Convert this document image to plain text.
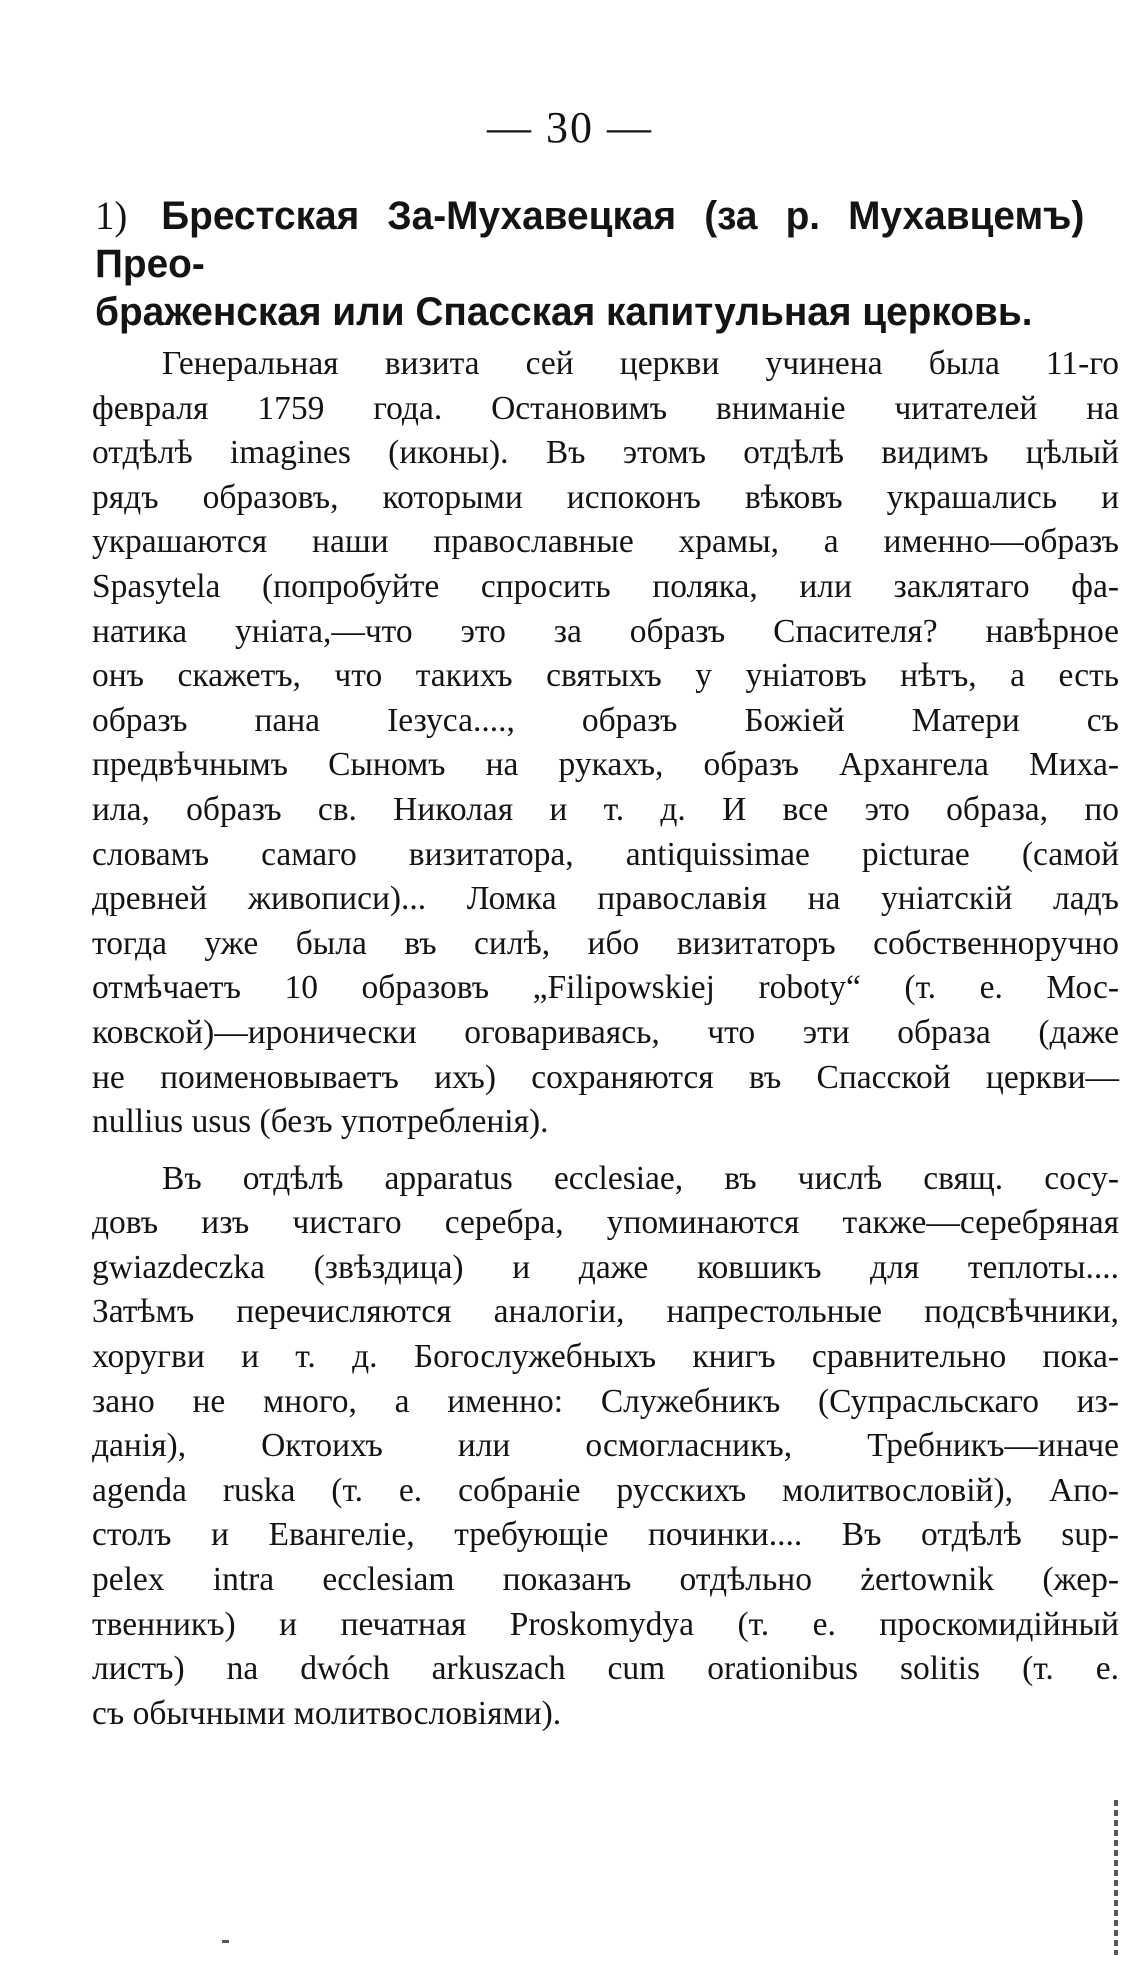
— 30 —
1) Брестская За-Мухавецкая (за р. Мухавцемъ) Прео-
браженская или Спасская капитульная церковь.
Генеральная визита сей церкви учинена была 11-го
февраля 1759 года. Остановимъ вниманіе читателей на
отдѣлѣ imagines (иконы). Въ этомъ отдѣлѣ видимъ цѣлый
рядъ образовъ, которыми испоконъ вѣковъ украшались и
украшаются наши православные храмы, а именно—образъ
Spasytela (попробуйте спросить поляка, или заклятаго фа-
натика уніата,—что это за образъ Спасителя? навѣрное
онъ скажетъ, что такихъ святыхъ у уніатовъ нѣтъ, а есть
образъ пана Iезуса...., образъ Божіей Матери съ
предвѣчнымъ Сыномъ на рукахъ, образъ Архангела Миха-
ила, образъ св. Николая и т. д. И все это образа, по
словамъ самаго визитатора, antiquissimae picturae (самой
древней живописи)... Ломка православія на уніатскій ладъ
тогда уже была въ силѣ, ибо визитаторъ собственноручно
отмѣчаетъ 10 образовъ „Filipowskiej roboty“ (т. е. Мос-
ковской)—иронически оговариваясь, что эти образа (даже
не поименовываетъ ихъ) сохраняются въ Спасской церкви—
nullius usus (безъ употребленія).
Въ отдѣлѣ apparatus ecclesiae, въ числѣ свящ. сосу-
довъ изъ чистаго серебра, упоминаются также—серебряная
gwiazdeczka (звѣздица) и даже ковшикъ для теплоты....
Затѣмъ перечисляются аналогіи, напрестольные подсвѣчники,
хоругви и т. д. Богослужебныхъ книгъ сравнительно пока-
зано не много, а именно: Служебникъ (Супрасльскаго из-
данія), Октоихъ или осмогласникъ, Требникъ—иначе
agenda ruska (т. е. собраніе русскихъ молитвословій), Апо-
столъ и Евангеліе, требующіе починки.... Въ отдѣлѣ sup-
pelex intra ecclesiam показанъ отдѣльно żertownik (жер-
твенникъ) и печатная Proskomydya (т. е. проскомидійный
листъ) na dwóch arkuszach cum orationibus solitis (т. е.
съ обычными молитвословіями).
